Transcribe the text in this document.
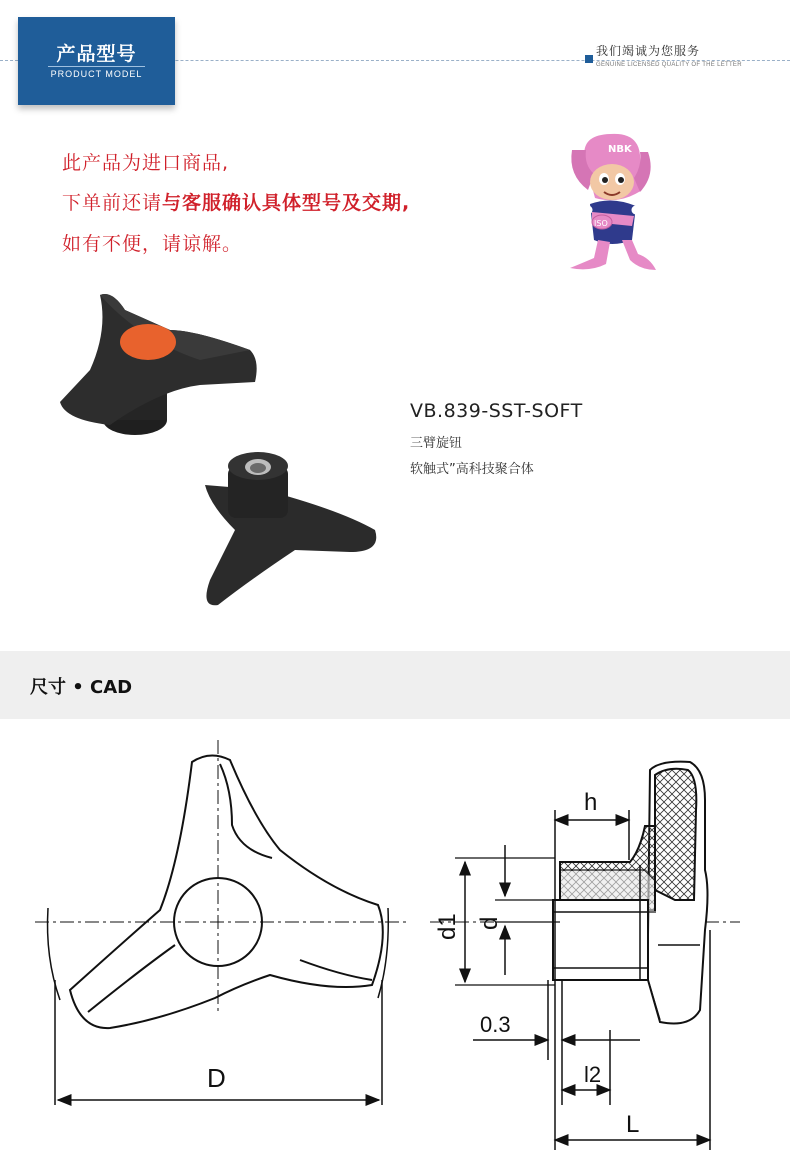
产品型号
PRODUCT MODEL
我们竭诚为您服务
GENUINE LICENSED QUALITY OF THE LETTER
此产品为进口商品,
下单前还请与客服确认具体型号及交期,
如有不便，请谅解。
NBK
ISO
VB.839-SST-SOFT
三臂旋钮
软触式”高科技聚合体
尺寸 • CAD
D
h
d1 d
0.3
l2
L
